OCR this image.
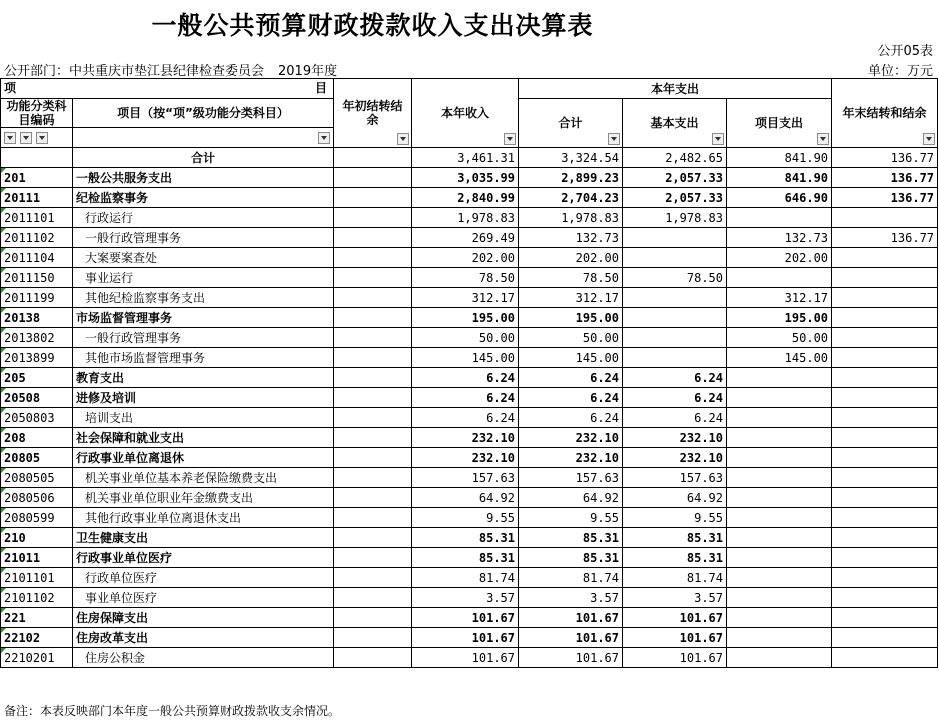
一般公共预算财政拨款收入支出决算表
公开05表
公开部门：中共重庆市垫江县纪律检查委员会 2019年度	单位：万元
项 目		年初结转结余	本年收入	本年支出			年末结转和结余

功能分类科目编码	项目（按“项”级功能分类科目）			合计	基本支出	项目支出	

	合计		3,461.31	3,324.54	2,482.65	841.90	136.77
201	一般公共服务支出		3,035.99	2,899.23	2,057.33	841.90	136.77
20111	纪检监察事务		2,840.99	2,704.23	2,057.33	646.90	136.77
2011101	行政运行		1,978.83	1,978.83	1,978.83		
2011102	一般行政管理事务		269.49	132.73		132.73	136.77
2011104	大案要案查处		202.00	202.00		202.00	
2011150	事业运行		78.50	78.50	78.50		
2011199	其他纪检监察事务支出		312.17	312.17		312.17	
20138	市场监督管理事务		195.00	195.00		195.00	
2013802	一般行政管理事务		50.00	50.00		50.00	
2013899	其他市场监督管理事务		145.00	145.00		145.00	
205	教育支出		6.24	6.24	6.24		
20508	进修及培训		6.24	6.24	6.24		
2050803	培训支出		6.24	6.24	6.24		
208	社会保障和就业支出		232.10	232.10	232.10		
20805	行政事业单位离退休		232.10	232.10	232.10		
2080505	机关事业单位基本养老保险缴费支出		157.63	157.63	157.63		
2080506	机关事业单位职业年金缴费支出		64.92	64.92	64.92		
2080599	其他行政事业单位离退休支出		9.55	9.55	9.55		
210	卫生健康支出		85.31	85.31	85.31		
21011	行政事业单位医疗		85.31	85.31	85.31		
2101101	行政单位医疗		81.74	81.74	81.74		
2101102	事业单位医疗		3.57	3.57	3.57		
221	住房保障支出		101.67	101.67	101.67		
22102	住房改革支出		101.67	101.67	101.67		
2210201	住房公积金		101.67	101.67	101.67		
备注：本表反映部门本年度一般公共预算财政拨款收支余情况。
